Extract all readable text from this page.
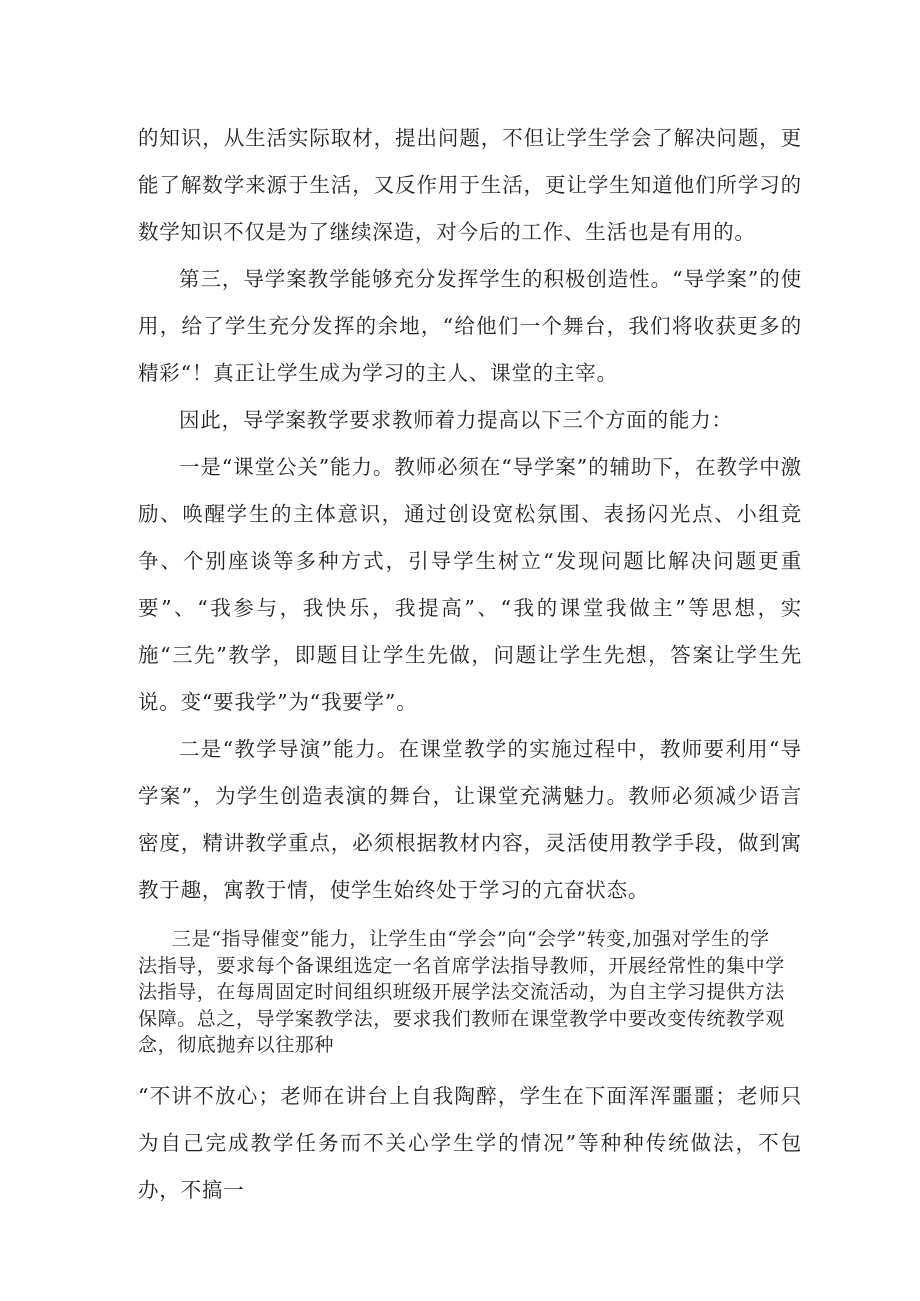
的知识，从生活实际取材，提出问题，不但让学生学会了解决问题，更能了解数学来源于生活，又反作用于生活，更让学生知道他们所学习的数学知识不仅是为了继续深造，对今后的工作、生活也是有用的。

第三，导学案教学能够充分发挥学生的积极创造性。“导学案”的使用，给了学生充分发挥的余地，“给他们一个舞台，我们将收获更多的精彩“！真正让学生成为学习的主人、课堂的主宰。

因此，导学案教学要求教师着力提高以下三个方面的能力：

一是“课堂公关”能力。教师必须在“导学案”的辅助下，在教学中激励、唤醒学生的主体意识，通过创设宽松氛围、表扬闪光点、小组竞争、个别座谈等多种方式，引导学生树立“发现问题比解决问题更重要”、“我参与，我快乐，我提高”、“我的课堂我做主”等思想，实施“三先”教学，即题目让学生先做，问题让学生先想，答案让学生先说。变“要我学”为“我要学”。

二是“教学导演”能力。在课堂教学的实施过程中，教师要利用“导学案”，为学生创造表演的舞台，让课堂充满魅力。教师必须减少语言密度，精讲教学重点，必须根据教材内容，灵活使用教学手段，做到寓教于趣，寓教于情，使学生始终处于学习的亢奋状态。

三是“指导催变”能力，让学生由“学会”向“会学”转变,加强对学生的学法指导，要求每个备课组选定一名首席学法指导教师，开展经常性的集中学法指导，在每周固定时间组织班级开展学法交流活动，为自主学习提供方法保障。总之，导学案教学法，要求我们教师在课堂教学中要改变传统教学观念，彻底抛弃以往那种

“不讲不放心；老师在讲台上自我陶醉，学生在下面浑浑噩噩；老师只为自己完成教学任务而不关心学生学的情况”等种种传统做法，不包办，不搞一
